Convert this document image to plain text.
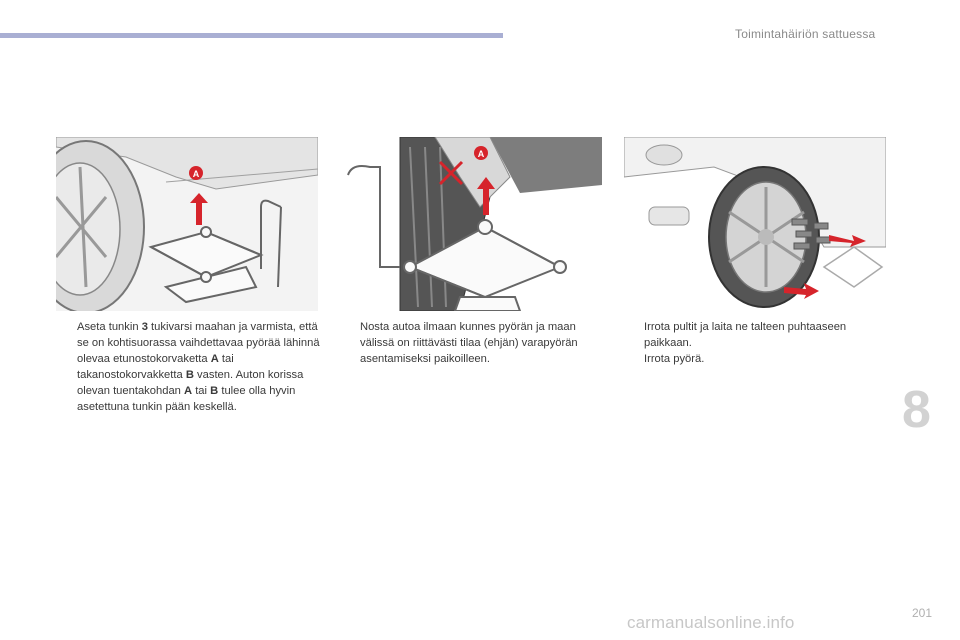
Toimintahäiriön sattuessa
A
A

Aseta tunkin 3 tukivarsi maahan ja varmista, että se on kohtisuorassa vaihdettavaa pyörää lähinnä olevaa etunostokorvaketta A tai takanostokorvakketta B vasten. Auton korissa olevan tuentakohdan A tai B tulee olla hyvin asetettuna tunkin pään keskellä.

Nosta autoa ilmaan kunnes pyörän ja maan välissä on riittävästi tilaa (ehjän) varapyörän asentamiseksi paikoilleen.

Irrota pultit ja laita ne talteen puhtaaseen paikkaan.

Irrota pyörä.

8
201
carmanualsonline.info
